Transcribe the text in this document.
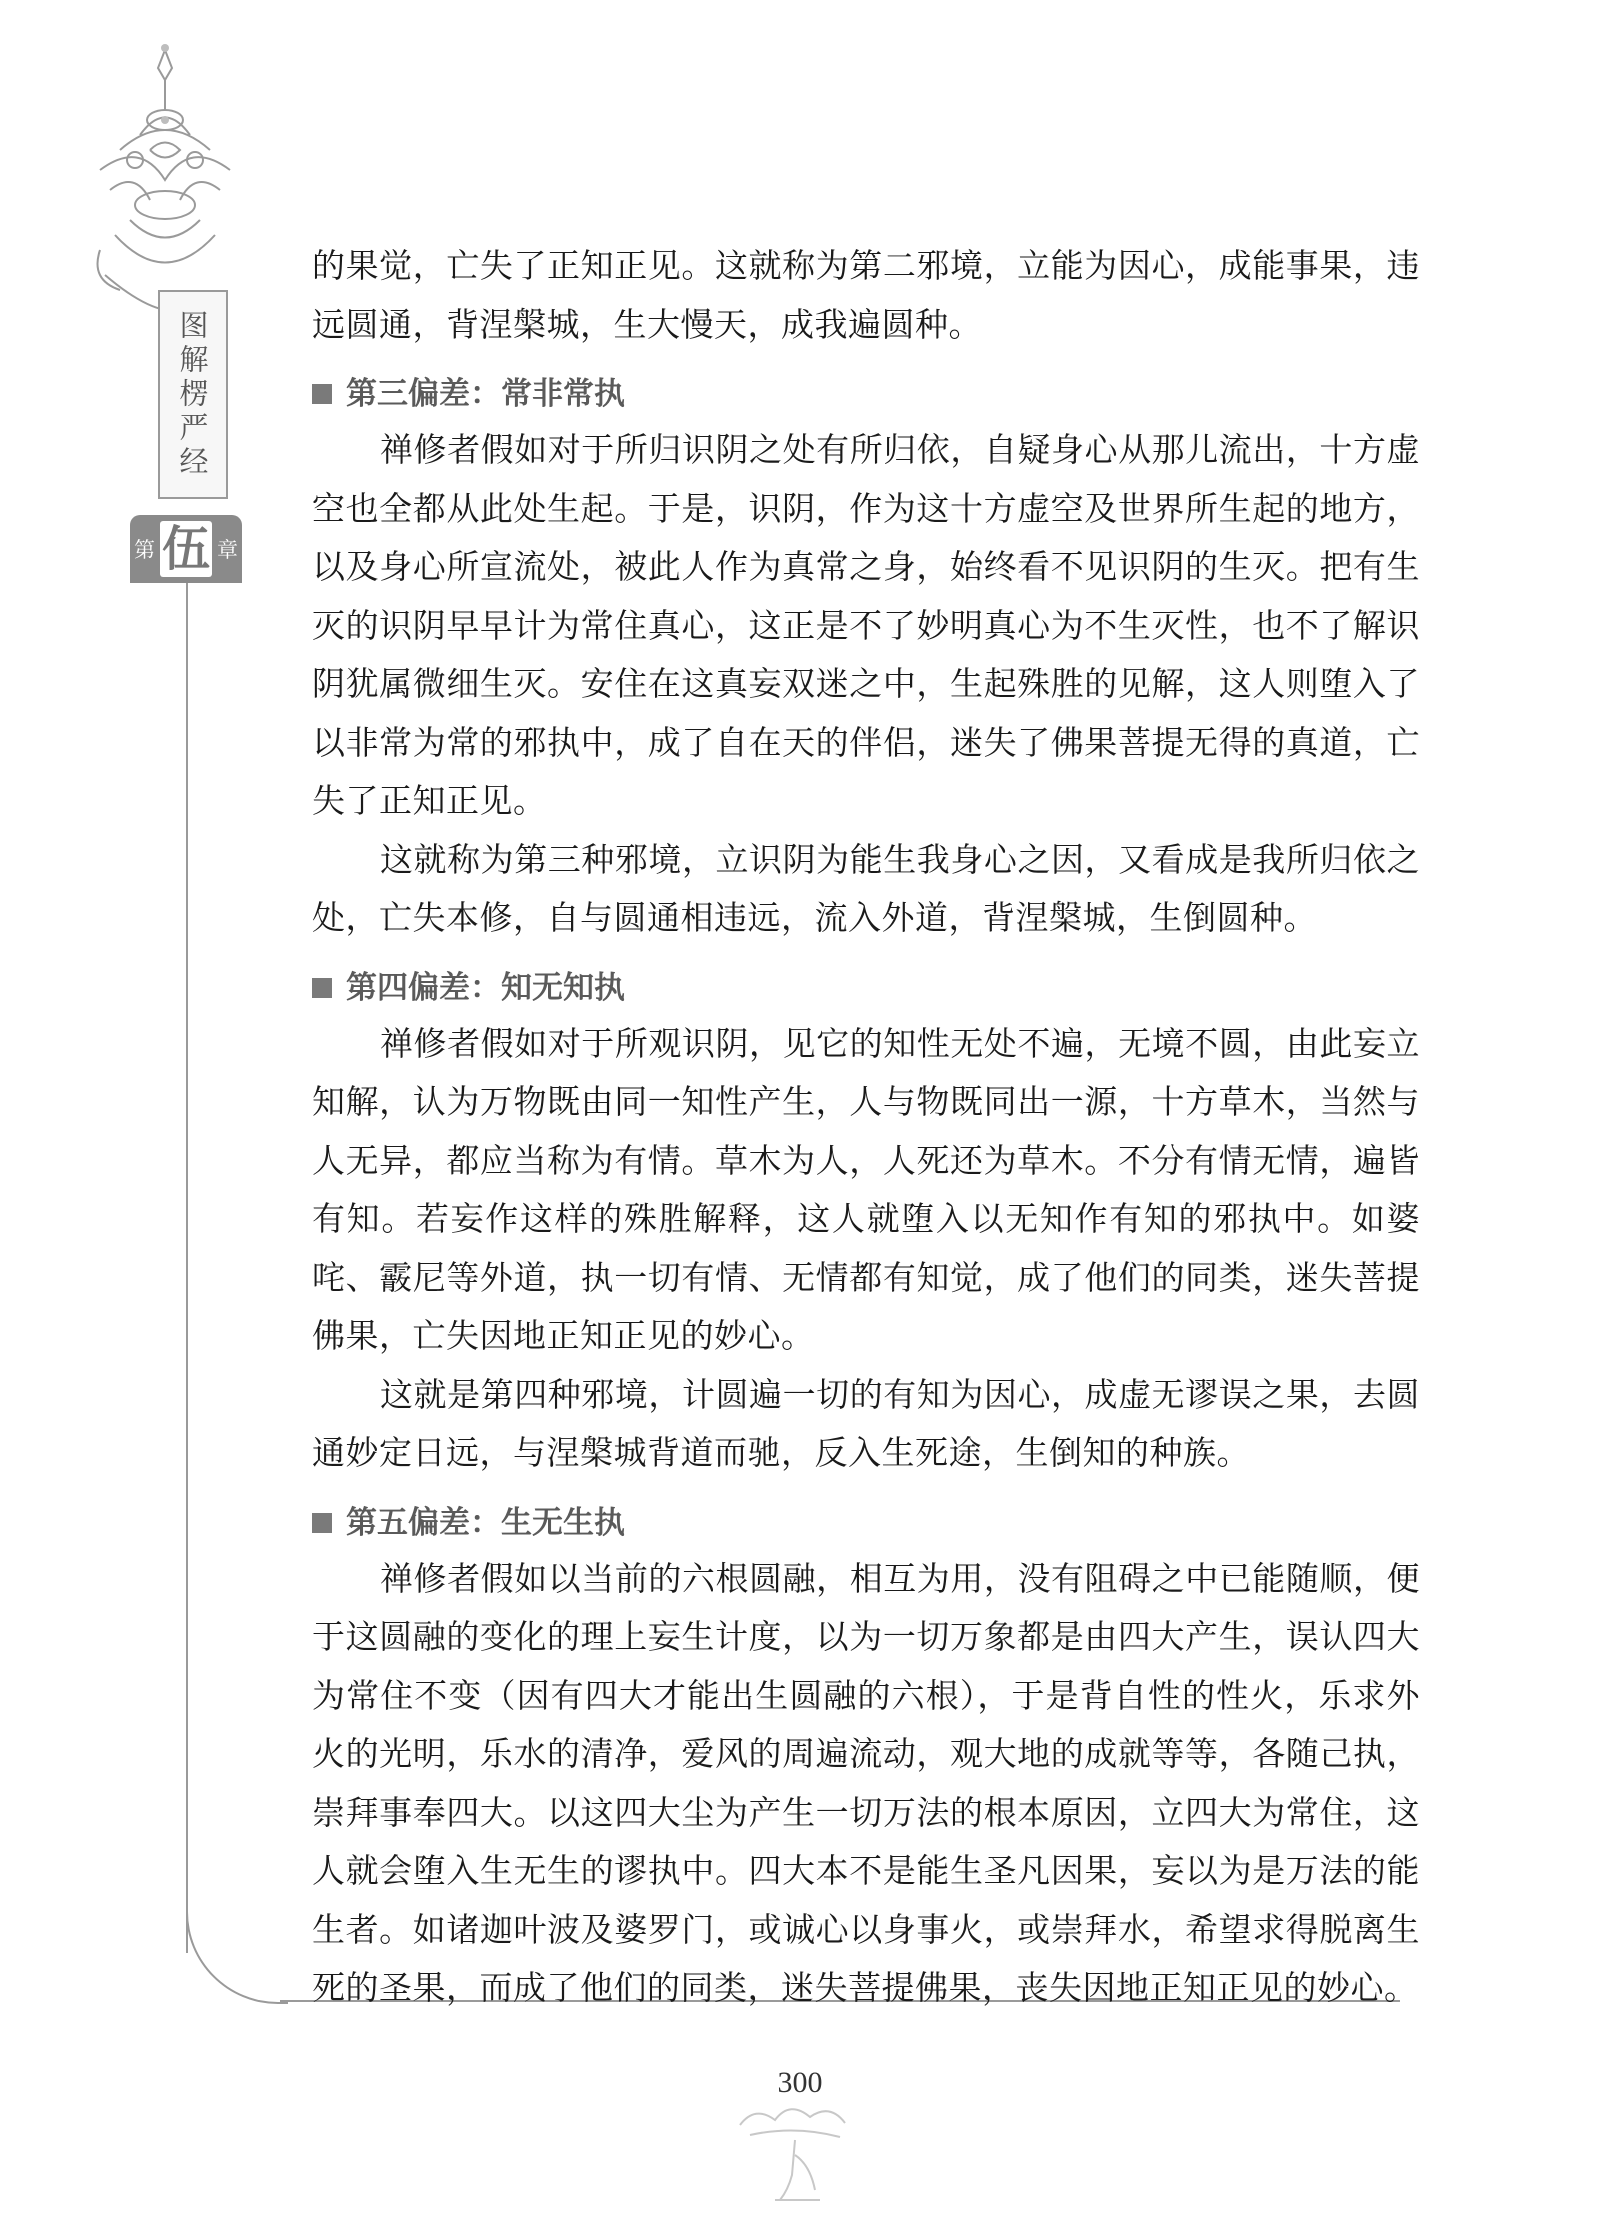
图解楞严经
第 伍 章

的果觉，亡失了正知正见。这就称为第二邪境，立能为因心，成能事果，违远圆通，背涅槃城，生大慢天，成我遍圆种。

第三偏差：常非常执

禅修者假如对于所归识阴之处有所归依，自疑身心从那儿流出，十方虚空也全都从此处生起。于是，识阴，作为这十方虚空及世界所生起的地方，以及身心所宣流处，被此人作为真常之身，始终看不见识阴的生灭。把有生灭的识阴早早计为常住真心，这正是不了妙明真心为不生灭性，也不了解识阴犹属微细生灭。安住在这真妄双迷之中，生起殊胜的见解，这人则堕入了以非常为常的邪执中，成了自在天的伴侣，迷失了佛果菩提无得的真道，亡失了正知正见。

这就称为第三种邪境，立识阴为能生我身心之因，又看成是我所归依之处，亡失本修，自与圆通相违远，流入外道，背涅槃城，生倒圆种。

第四偏差：知无知执

禅修者假如对于所观识阴，见它的知性无处不遍，无境不圆，由此妄立知解，认为万物既由同一知性产生，人与物既同出一源，十方草木，当然与人无异，都应当称为有情。草木为人，人死还为草木。不分有情无情，遍皆有知。若妄作这样的殊胜解释，这人就堕入以无知作有知的邪执中。如婆咤、霰尼等外道，执一切有情、无情都有知觉，成了他们的同类，迷失菩提佛果，亡失因地正知正见的妙心。

这就是第四种邪境，计圆遍一切的有知为因心，成虚无谬误之果，去圆通妙定日远，与涅槃城背道而驰，反入生死途，生倒知的种族。

第五偏差：生无生执

禅修者假如以当前的六根圆融，相互为用，没有阻碍之中已能随顺，便于这圆融的变化的理上妄生计度，以为一切万象都是由四大产生，误认四大为常住不变（因有四大才能出生圆融的六根），于是背自性的性火，乐求外火的光明，乐水的清净，爱风的周遍流动，观大地的成就等等，各随己执，崇拜事奉四大。以这四大尘为产生一切万法的根本原因，立四大为常住，这人就会堕入生无生的谬执中。四大本不是能生圣凡因果，妄以为是万法的能生者。如诸迦叶波及婆罗门，或诚心以身事火，或崇拜水，希望求得脱离生死的圣果，而成了他们的同类，迷失菩提佛果，丧失因地正知正见的妙心。

300
